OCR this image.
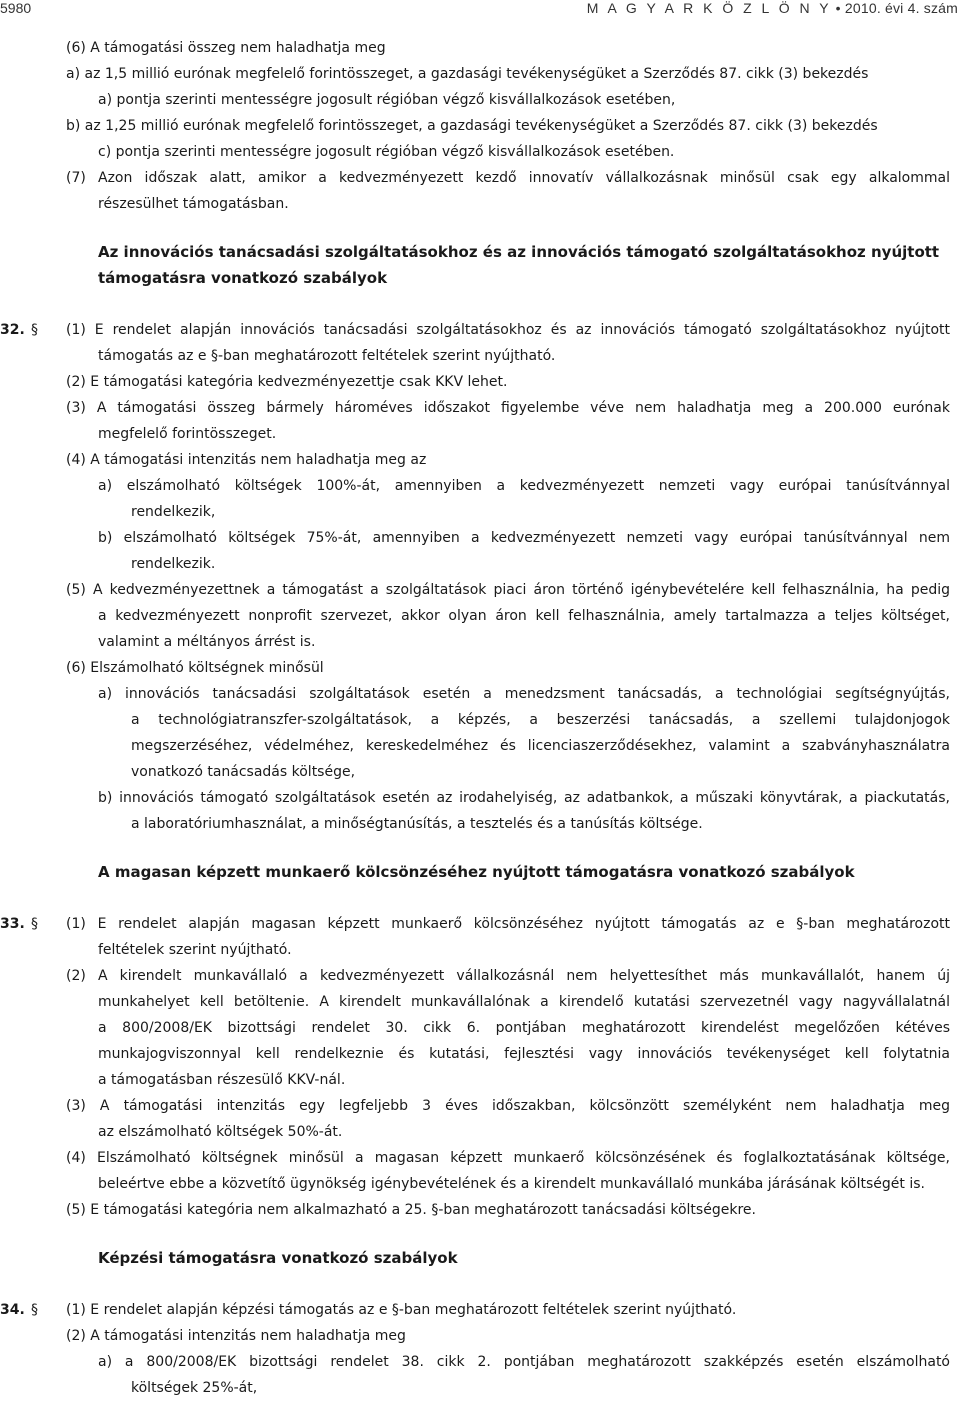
5980	M A G Y A R K Ö Z L Ö N Y • 2010. évi 4. szám
(6) A támogatási összeg nem haladhatja meg
a) az 1,5 millió eurónak megfelelő forintösszeget, a gazdasági tevékenységüket a Szerződés 87. cikk (3) bekezdés
a) pontja szerinti mentességre jogosult régióban végző kisvállalkozások esetében,
b) az 1,25 millió eurónak megfelelő forintösszeget, a gazdasági tevékenységüket a Szerződés 87. cikk (3) bekezdés
c) pontja szerinti mentességre jogosult régióban végző kisvállalkozások esetében.
(7) Azon időszak alatt, amikor a kedvezményezett kezdő innovatív vállalkozásnak minősül csak egy alkalommal
részesülhet támogatásban.
Az innovációs tanácsadási szolgáltatásokhoz és az innovációs támogató szolgáltatásokhoz nyújtott
támogatásra vonatkozó szabályok
32. § (1) E rendelet alapján innovációs tanácsadási szolgáltatásokhoz és az innovációs támogató szolgáltatásokhoz nyújtott
támogatás az e §-ban meghatározott feltételek szerint nyújtható.
(2) E támogatási kategória kedvezményezettje csak KKV lehet.
(3) A támogatási összeg bármely hároméves időszakot figyelembe véve nem haladhatja meg a 200.000 eurónak
megfelelő forintösszeget.
(4) A támogatási intenzitás nem haladhatja meg az
a) elszámolható költségek 100%-át, amennyiben a kedvezményezett nemzeti vagy európai tanúsítvánnyal
rendelkezik,
b) elszámolható költségek 75%-át, amennyiben a kedvezményezett nemzeti vagy európai tanúsítvánnyal nem
rendelkezik.
(5) A kedvezményezettnek a támogatást a szolgáltatások piaci áron történő igénybevételére kell felhasználnia, ha pedig
a kedvezményezett nonprofit szervezet, akkor olyan áron kell felhasználnia, amely tartalmazza a teljes költséget,
valamint a méltányos árrést is.
(6) Elszámolható költségnek minősül
a) innovációs tanácsadási szolgáltatások esetén a menedzsment tanácsadás, a technológiai segítségnyújtás,
a technológiatranszfer-szolgáltatások, a képzés, a beszerzési tanácsadás, a szellemi tulajdonjogok
megszerzéséhez, védelméhez, kereskedelméhez és licenciaszerződésekhez, valamint a szabványhasználatra
vonatkozó tanácsadás költsége,
b) innovációs támogató szolgáltatások esetén az irodahelyiség, az adatbankok, a műszaki könyvtárak, a piackutatás,
a laboratóriumhasználat, a minőségtanúsítás, a tesztelés és a tanúsítás költsége.
A magasan képzett munkaerő kölcsönzéséhez nyújtott támogatásra vonatkozó szabályok
33. § (1) E rendelet alapján magasan képzett munkaerő kölcsönzéséhez nyújtott támogatás az e §-ban meghatározott
feltételek szerint nyújtható.
(2) A kirendelt munkavállaló a kedvezményezett vállalkozásnál nem helyettesíthet más munkavállalót, hanem új
munkahelyet kell betöltenie. A kirendelt munkavállalónak a kirendelő kutatási szervezetnél vagy nagyvállalatnál
a 800/2008/EK bizottsági rendelet 30. cikk 6. pontjában meghatározott kirendelést megelőzően kétéves
munkajogviszonnyal kell rendelkeznie és kutatási, fejlesztési vagy innovációs tevékenységet kell folytatnia
a támogatásban részesülő KKV-nál.
(3) A támogatási intenzitás egy legfeljebb 3 éves időszakban, kölcsönzött személyként nem haladhatja meg
az elszámolható költségek 50%-át.
(4) Elszámolható költségnek minősül a magasan képzett munkaerő kölcsönzésének és foglalkoztatásának költsége,
beleértve ebbe a közvetítő ügynökség igénybevételének és a kirendelt munkavállaló munkába járásának költségét is.
(5) E támogatási kategória nem alkalmazható a 25. §-ban meghatározott tanácsadási költségekre.
Képzési támogatásra vonatkozó szabályok
34. § (1) E rendelet alapján képzési támogatás az e §-ban meghatározott feltételek szerint nyújtható.
(2) A támogatási intenzitás nem haladhatja meg
a) a 800/2008/EK bizottsági rendelet 38. cikk 2. pontjában meghatározott szakképzés esetén elszámolható
költségek 25%-át,
